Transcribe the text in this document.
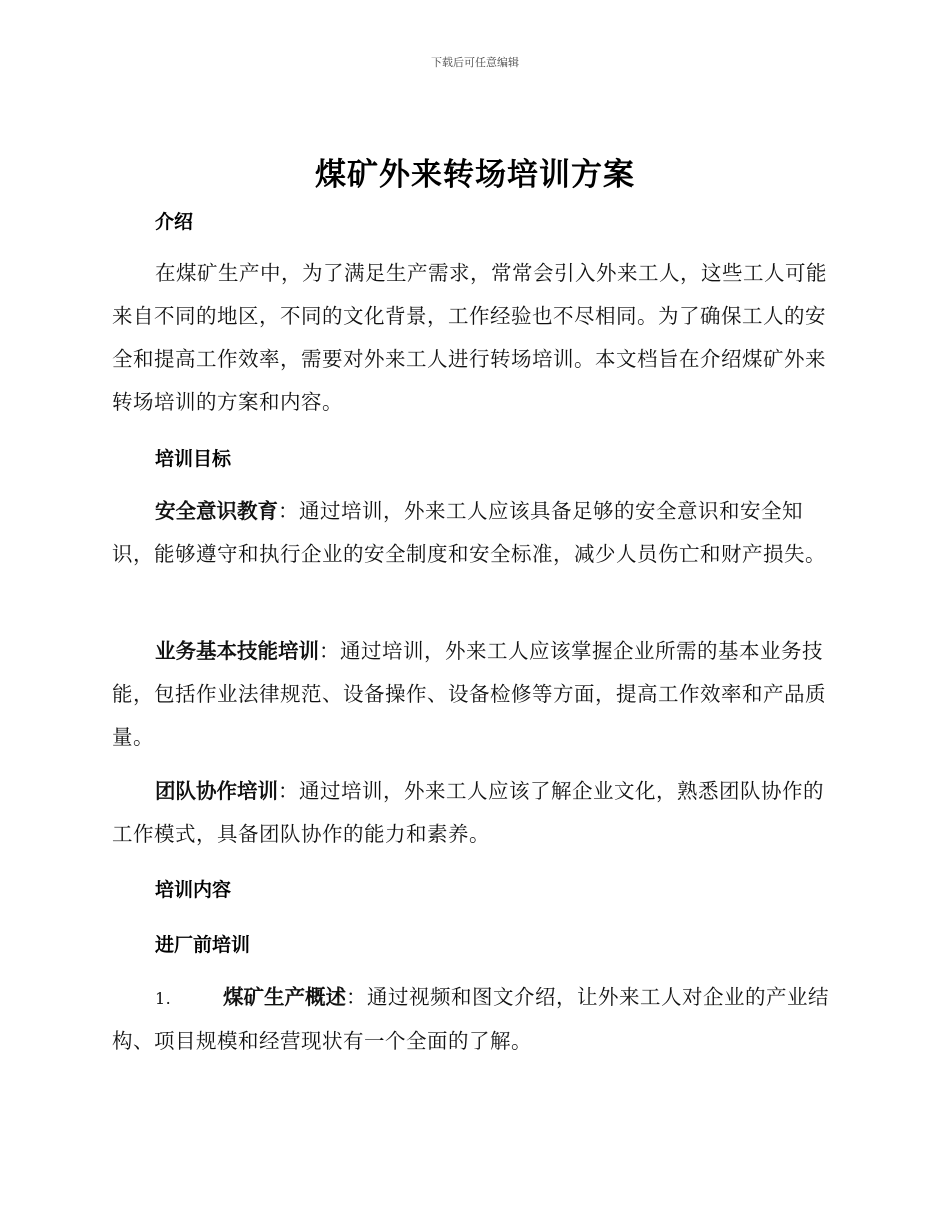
下载后可任意编辑
煤矿外来转场培训方案
介绍

在煤矿生产中，为了满足生产需求，常常会引入外来工人，这些工人可能来自不同的地区，不同的文化背景，工作经验也不尽相同。为了确保工人的安全和提高工作效率，需要对外来工人进行转场培训。本文档旨在介绍煤矿外来转场培训的方案和内容。

培训目标

安全意识教育：通过培训，外来工人应该具备足够的安全意识和安全知识，能够遵守和执行企业的安全制度和安全标准，减少人员伤亡和财产损失。

业务基本技能培训：通过培训，外来工人应该掌握企业所需的基本业务技能，包括作业法律规范、设备操作、设备检修等方面，提高工作效率和产品质量。

团队协作培训：通过培训，外来工人应该了解企业文化，熟悉团队协作的工作模式，具备团队协作的能力和素养。

培训内容
进厂前培训

1.	煤矿生产概述：通过视频和图文介绍，让外来工人对企业的产业结构、项目规模和经营现状有一个全面的了解。
